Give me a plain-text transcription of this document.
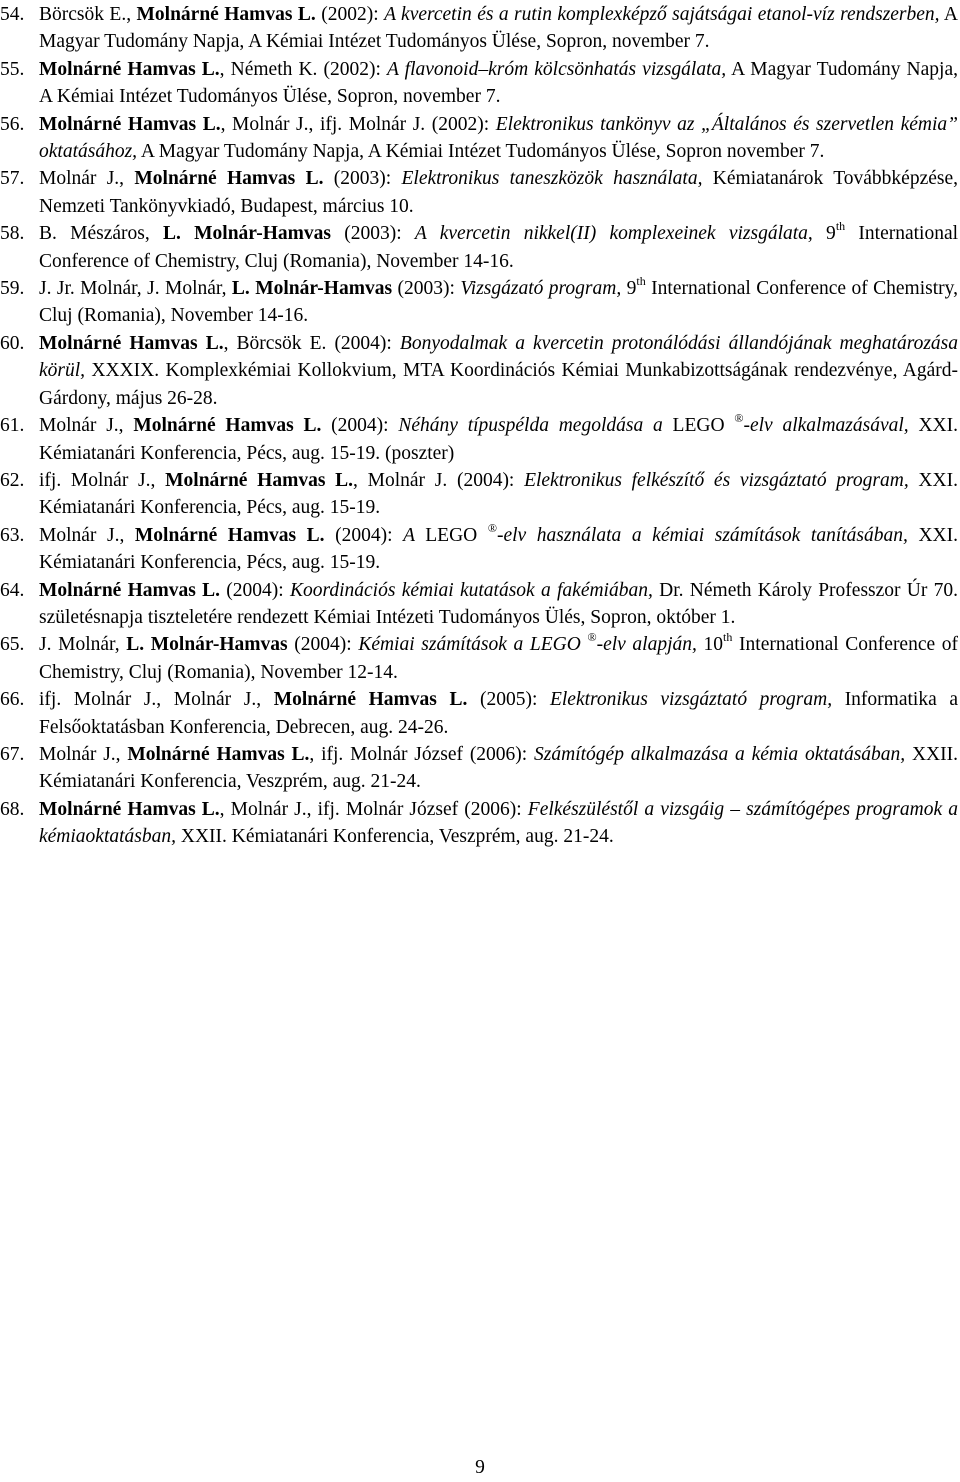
54. Börcsök E., Molnárné Hamvas L. (2002): A kvercetin és a rutin komplexképző sajátságai etanol-víz rendszerben, A Magyar Tudomány Napja, A Kémiai Intézet Tudományos Ülése, Sopron, november 7.
55. Molnárné Hamvas L., Németh K. (2002): A flavonoid–króm kölcsönhatás vizsgálata, A Magyar Tudomány Napja, A Kémiai Intézet Tudományos Ülése, Sopron, november 7.
56. Molnárné Hamvas L., Molnár J., ifj. Molnár J. (2002): Elektronikus tankönyv az „Általános és szervetlen kémia” oktatásához, A Magyar Tudomány Napja, A Kémiai Intézet Tudományos Ülése, Sopron november 7.
57. Molnár J., Molnárné Hamvas L. (2003): Elektronikus taneszközök használata, Kémiatanárok Továbbképzése, Nemzeti Tankönyvkiadó, Budapest, március 10.
58. B. Mészáros, L. Molnár-Hamvas (2003): A kvercetin nikkel(II) komplexeinek vizsgálata, 9th International Conference of Chemistry, Cluj (Romania), November 14-16.
59. J. Jr. Molnár, J. Molnár, L. Molnár-Hamvas (2003): Vizsgázató program, 9th International Conference of Chemistry, Cluj (Romania), November 14-16.
60. Molnárné Hamvas L., Börcsök E. (2004): Bonyodalmak a kvercetin protonálódási állandójának meghatározása körül, XXXIX. Komplexkémiai Kollokvium, MTA Koordinációs Kémiai Munkabizottságának rendezvénye, Agárd-Gárdony, május 26-28.
61. Molnár J., Molnárné Hamvas L. (2004): Néhány típuspélda megoldása a LEGO ®-elv alkalmazásával, XXI. Kémiatanári Konferencia, Pécs, aug. 15-19. (poszter)
62. ifj. Molnár J., Molnárné Hamvas L., Molnár J. (2004): Elektronikus felkészítő és vizsgáztató program, XXI. Kémiatanári Konferencia, Pécs, aug. 15-19.
63. Molnár J., Molnárné Hamvas L. (2004): A LEGO ®-elv használata a kémiai számítások tanításában, XXI. Kémiatanári Konferencia, Pécs, aug. 15-19.
64. Molnárné Hamvas L. (2004): Koordinációs kémiai kutatások a fakémiában, Dr. Németh Károly Professzor Úr 70. születésnapja tiszteletére rendezett Kémiai Intézeti Tudományos Ülés, Sopron, október 1.
65. J. Molnár, L. Molnár-Hamvas (2004): Kémiai számítások a LEGO ®-elv alapján, 10th International Conference of Chemistry, Cluj (Romania), November 12-14.
66. ifj. Molnár J., Molnár J., Molnárné Hamvas L. (2005): Elektronikus vizsgáztató program, Informatika a Felsőoktatásban Konferencia, Debrecen, aug. 24-26.
67. Molnár J., Molnárné Hamvas L., ifj. Molnár József (2006): Számítógép alkalmazása a kémia oktatásában, XXII. Kémiatanári Konferencia, Veszprém, aug. 21-24.
68. Molnárné Hamvas L., Molnár J., ifj. Molnár József (2006): Felkészüléstől a vizsgáig – számítógépes programok a kémiaoktatásban, XXII. Kémiatanári Konferencia, Veszprém, aug. 21-24.
9
